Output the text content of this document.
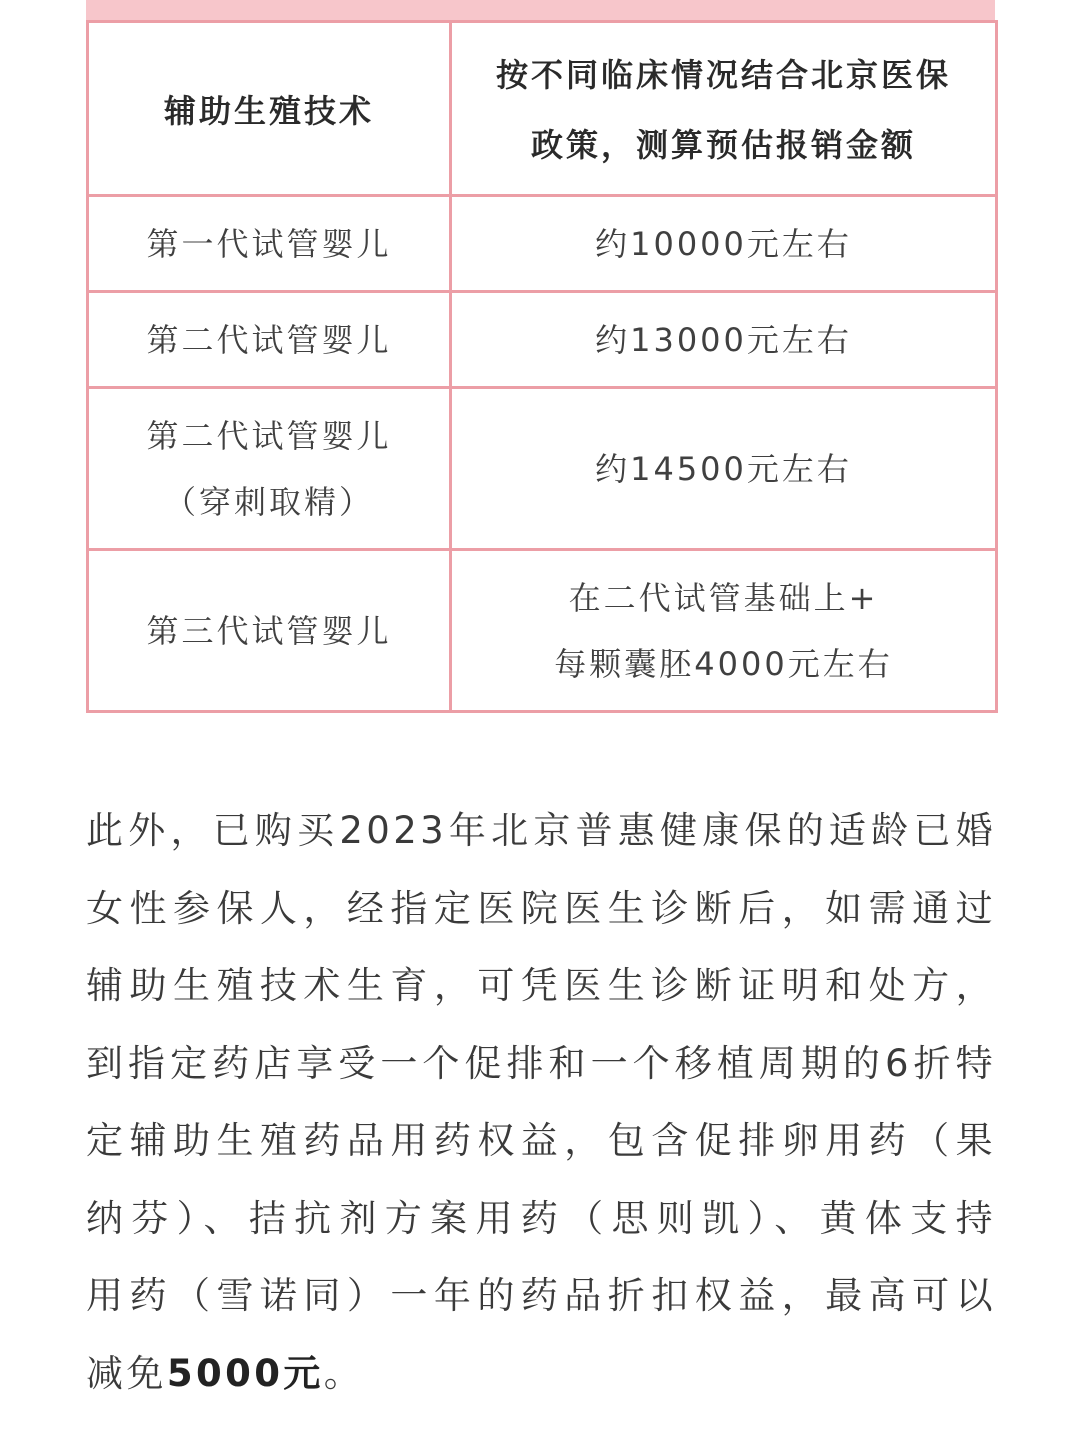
辅助生殖技术	按不同临床情况结合北京医保
政策，测算预估报销金额

第一代试管婴儿	约10000元左右
第二代试管婴儿	约13000元左右

第二代试管婴儿
（穿刺取精）	约14500元左右
第三代试管婴儿	在二代试管基础上+
每颗囊胚4000元左右
此外，已购买2023年北京普惠健康保的适龄已婚
女性参保人，经指定医院医生诊断后，如需通过
辅助生殖技术生育，可凭医生诊断证明和处方，
到指定药店享受一个促排和一个移植周期的6折特
定辅助生殖药品用药权益，包含促排卵用药（果
纳芬）、拮抗剂方案用药（思则凯）、黄体支持
用药（雪诺同）一年的药品折扣权益，最高可以
减免5000元。
